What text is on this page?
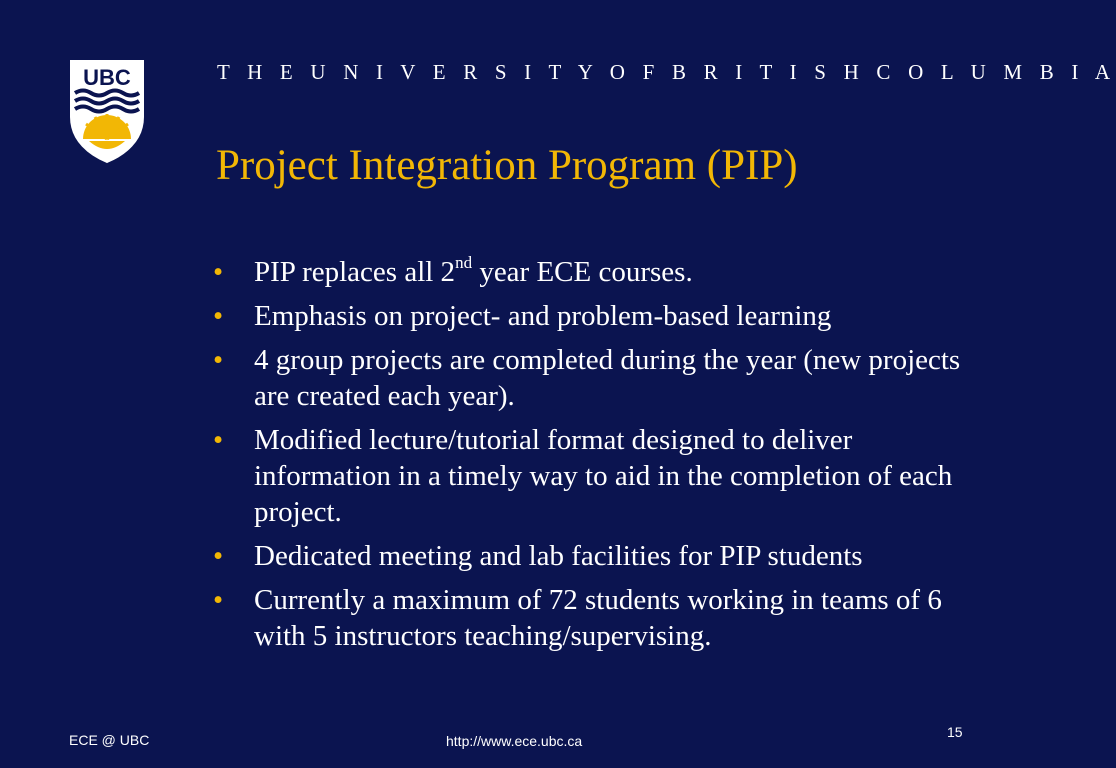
UBC	T H E U N I V E R S I T Y O F B R I T I S H C O L U M B I A
Project Integration Program (PIP)
• PIP replaces all 2nd year ECE courses.
• Emphasis on project- and problem-based learning
• 4 group projects are completed during the year (new projects are created each year).
• Modified lecture/tutorial format designed to deliver information in a timely way to aid in the completion of each project.
• Dedicated meeting and lab facilities for PIP students
• Currently a maximum of 72 students working in teams of 6 with 5 instructors teaching/supervising.
ECE @ UBC	http://www.ece.ubc.ca
15
